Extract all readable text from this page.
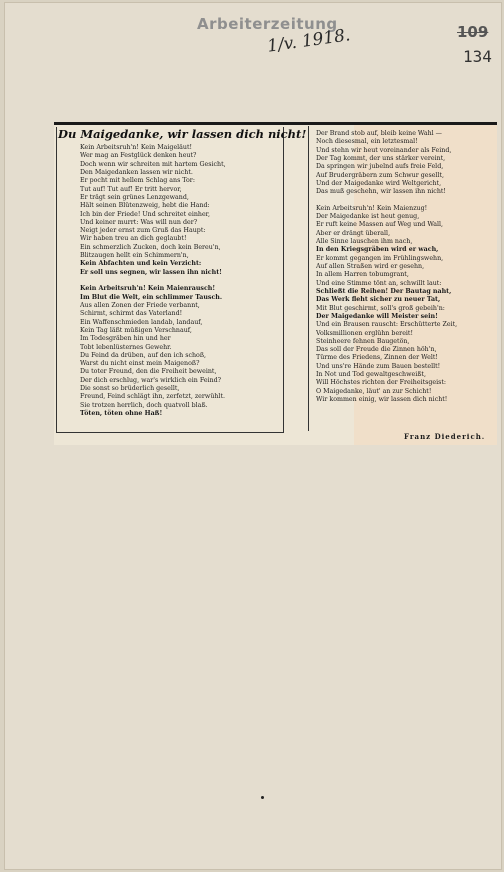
Arbeiterzeitung
1/v. 1918.	109
134
Du Maigedanke, wir lassen dich nicht!
Kein Arbeitsruh'n! Kein Maigeläut!
Wer mag an Festglück denken heut?
Doch wenn wir schreiten mit hartem Gesicht,
Den Maigedanken lassen wir nicht.
Er pocht mit hellem Schlag ans Tor:
Tut auf! Tut auf! Er tritt hervor,
Er trägt sein grünes Lenzgewand,
Hält seinen Blütenzweig, hebt die Hand:
Ich bin der Friede! Und schreitet einher,
Und keiner murrt: Was will nun der?
Neigt jeder ernst zum Gruß das Haupt:
Wir haben treu an dich geglaubt!
Ein schmerzlich Zucken, doch kein Bereu'n,
Blitzaugen hellt ein Schimmern'n,
Kein Abfachten und kein Verzicht:
Er soll uns segnen, wir lassen ihn nicht!
Kein Arbeitsruh'n! Kein Maienrausch!
Im Blut die Welt, ein schlimmer Tausch.
Aus allen Zonen der Friede verbannt,
Schirmt, schirmt das Vaterland!
Ein Waffenschmieden landab, landauf,
Kein Tag läßt müßigen Verschnauf,
Im Todesgräben hin und her
Tobt lebenlüsternes Gewehr.
Du Feind da drüben, auf den ich schoß,
Warst du nicht einst mein Maigenoß?
Du toter Freund, den die Freiheit beweint,
Der dich erschlug, war's wirklich ein Feind?
Die sonst so brüderlich gesellt,
Freund, Feind schlägt ihn, zerfetzt, zerwühlt.
Sie trotzen herrlich, doch quatvoll blaß.
Töten, töten ohne Haß!
Der Brand stob auf, bleib keine Wahl —
Noch diesesmal, ein letztesmal!
Und stehn wir heut voreinander als Feind,
Der Tag kommt, der uns stärker vereint,
Da springen wir jubelnd aufs freie Feld,
Auf Brudergräbern zum Schwur gesellt,
Und der Maigedanke wird Weltgericht,
Das muß geschehn, wir lassen ihn nicht!
Kein Arbeitsruh'n! Kein Maienzug!
Der Maigedanke ist heut genug,
Er ruft keine Massen auf Weg und Wall,
Aber er drängt überall,
Alle Sinne lauschen ihm nach,
In den Kriegsgräben wird er wach,
Er kommt gegangen im Frühlingswehn,
Auf allen Straßen wird er gesehn,
In allem Harren tobumgrant,
Und eine Stimme tönt an, schwillt laut:
Schließt die Reihen! Der Bautag naht,
Das Werk fleht sicher zu neuer Tat,
Mit Blut geschirmt, soll's groß gebeih'n:
Der Maigedanke will Meister sein!
Und ein Brausen rauscht: Erschütterte Zeit,
Volksmillionen erglühn bereit!
Steinheere fehnen Baugetön,
Das soll der Freude die Zinnen höh'n,
Türme des Friedens, Zinnen der Welt!
Und uns're Hände zum Bauen bestellt!
In Not und Tod gewaltgeschweißt,
Will Höchstes richten der Freiheitsgeist:
O Maigedanke, läut' an zur Schicht!
Wir kommen einig, wir lassen dich nicht!
Franz Diederich.
